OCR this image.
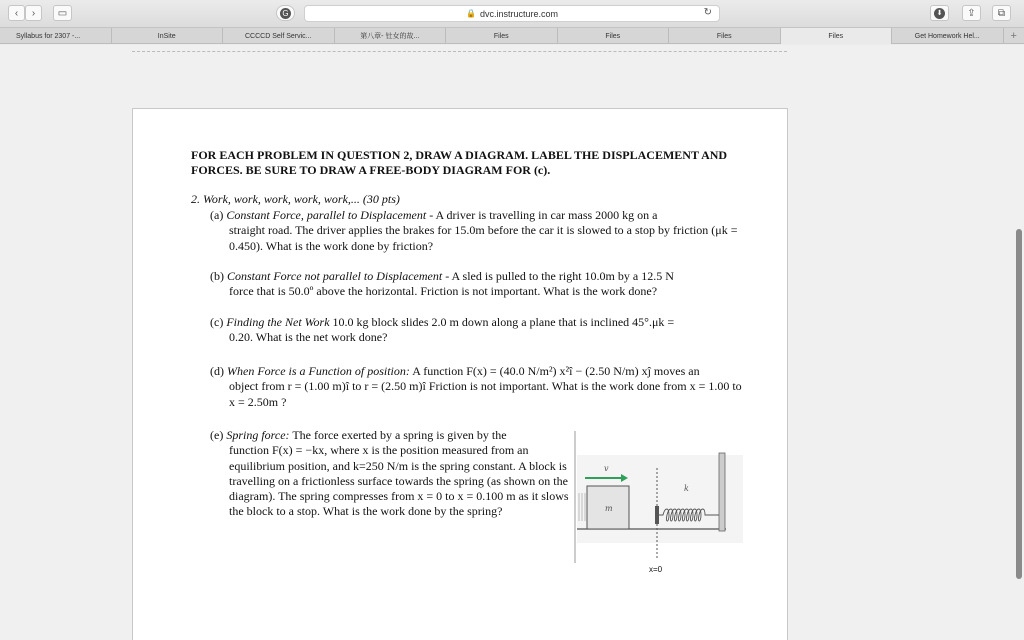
‹ › ▭	G	🔒 dvc.instructure.com	↻	⬇ ⇪ ⧉
Syllabus for 2307 -...	InSite	CCCCD Self Servic...	第八章- 钍女的故...	Files	Files	Files	Files	Get Homework Hel...	+
FOR EACH PROBLEM IN QUESTION 2, DRAW A DIAGRAM. LABEL THE DISPLACEMENT AND FORCES. BE SURE TO DRAW A FREE-BODY DIAGRAM FOR (c).
2. Work, work, work, work, work,... (30 pts)
(a) Constant Force, parallel to Displacement - A driver is travelling in car mass 2000 kg on a
straight road. The driver applies the brakes for 15.0m before the car it is slowed to a stop by friction (μk = 0.450). What is the work done by friction?
(b) Constant Force not parallel to Displacement - A sled is pulled to the right 10.0m by a 12.5 N
force that is 50.0º above the horizontal. Friction is not important. What is the work done?
(c) Finding the Net Work 10.0 kg block slides 2.0 m down along a plane that is inclined 45°.μk =
0.20. What is the net work done?
(d) When Force is a Function of position: A function F(x) = (40.0 N/m²) x²î − (2.50 N/m) xĵ moves an
object from r = (1.00 m)î to r = (2.50 m)î Friction is not important. What is the work done from x = 1.00 to x = 2.50m ?
(e) Spring force: The force exerted by a spring is given by the
function F(x) = −kx, where x is the position measured from an equilibrium position, and k=250 N/m is the spring constant. A block is travelling on a frictionless surface towards the spring (as shown on the diagram). The spring compresses from x = 0 to x = 0.100 m as it slows the block to a stop. What is the work done by the spring?
v
m
k
x=0
